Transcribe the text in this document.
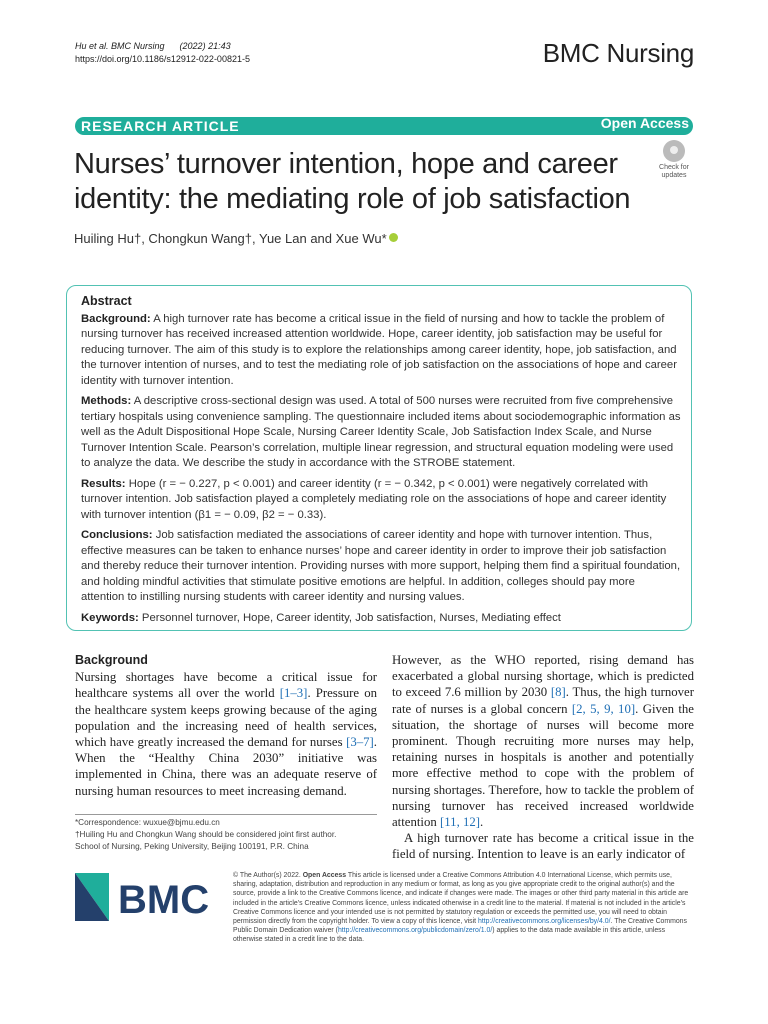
Hu et al. BMC Nursing (2022) 21:43
https://doi.org/10.1186/s12912-022-00821-5	BMC Nursing
RESEARCH ARTICLE	Open Access
Nurses’ turnover intention, hope and career identity: the mediating role of job satisfaction
Check for
updates
Huiling Hu†, Chongkun Wang†, Yue Lan and Xue Wu*
Abstract

Background: A high turnover rate has become a critical issue in the field of nursing and how to tackle the problem of nursing turnover has received increased attention worldwide. Hope, career identity, job satisfaction may be useful for reducing turnover. The aim of this study is to explore the relationships among career identity, hope, job satisfaction, and the turnover intention of nurses, and to test the mediating role of job satisfaction on the associations of hope and career identity with turnover intention.

Methods: A descriptive cross-sectional design was used. A total of 500 nurses were recruited from five comprehensive tertiary hospitals using convenience sampling. The questionnaire included items about sociodemographic information as well as the Adult Dispositional Hope Scale, Nursing Career Identity Scale, Job Satisfaction Index Scale, and Nurse Turnover Intention Scale. Pearson’s correlation, multiple linear regression, and structural equation modeling were used to analyze the data. We describe the study in accordance with the STROBE statement.

Results: Hope (r = − 0.227, p < 0.001) and career identity (r = − 0.342, p < 0.001) were negatively correlated with turnover intention. Job satisfaction played a completely mediating role on the associations of hope and career identity with turnover intention (β1 = − 0.09, β2 = − 0.33).

Conclusions: Job satisfaction mediated the associations of career identity and hope with turnover intention. Thus, effective measures can be taken to enhance nurses’ hope and career identity in order to improve their job satisfaction and thereby reduce their turnover intention. Providing nurses with more support, helping them find a spiritual foundation, and holding mindful activities that stimulate positive emotions are helpful. In addition, colleges should pay more attention to instilling nursing students with career identity and nursing values.

Keywords: Personnel turnover, Hope, Career identity, Job satisfaction, Nurses, Mediating effect

Background

Nursing shortages have become a critical issue for healthcare systems all over the world [1–3]. Pressure on the healthcare system keeps growing because of the aging population and the increasing need of health services, which have greatly increased the demand for nurses [3–7]. When the “Healthy China 2030” initiative was implemented in China, there was an adequate reserve of nursing human resources to meet increasing demand.

However, as the WHO reported, rising demand has exacerbated a global nursing shortage, which is predicted to exceed 7.6 million by 2030 [8]. Thus, the high turnover rate of nurses is a global concern [2, 5, 9, 10]. Given the situation, the shortage of nurses will become more prominent. Though recruiting more nurses may help, retaining nurses in hospitals is another and potentially more effective method to cope with the problem of nursing shortages. Therefore, how to tackle the problem of nursing turnover has received increased worldwide attention [11, 12].

A high turnover rate has become a critical issue in the field of nursing. Intention to leave is an early indicator of

*Correspondence: wuxue@bjmu.edu.cn
†Huiling Hu and Chongkun Wang should be considered joint first author.
School of Nursing, Peking University, Beijing 100191, P.R. China
BMC
© The Author(s) 2022. Open Access This article is licensed under a Creative Commons Attribution 4.0 International License, which permits use, sharing, adaptation, distribution and reproduction in any medium or format, as long as you give appropriate credit to the original author(s) and the source, provide a link to the Creative Commons licence, and indicate if changes were made. The images or other third party material in this article are included in the article’s Creative Commons licence, unless indicated otherwise in a credit line to the material. If material is not included in the article’s Creative Commons licence and your intended use is not permitted by statutory regulation or exceeds the permitted use, you will need to obtain permission directly from the copyright holder. To view a copy of this licence, visit http://creativecommons.org/licenses/by/4.0/. The Creative Commons Public Domain Dedication waiver (http://creativecommons.org/publicdomain/zero/1.0/) applies to the data made available in this article, unless otherwise stated in a credit line to the data.
